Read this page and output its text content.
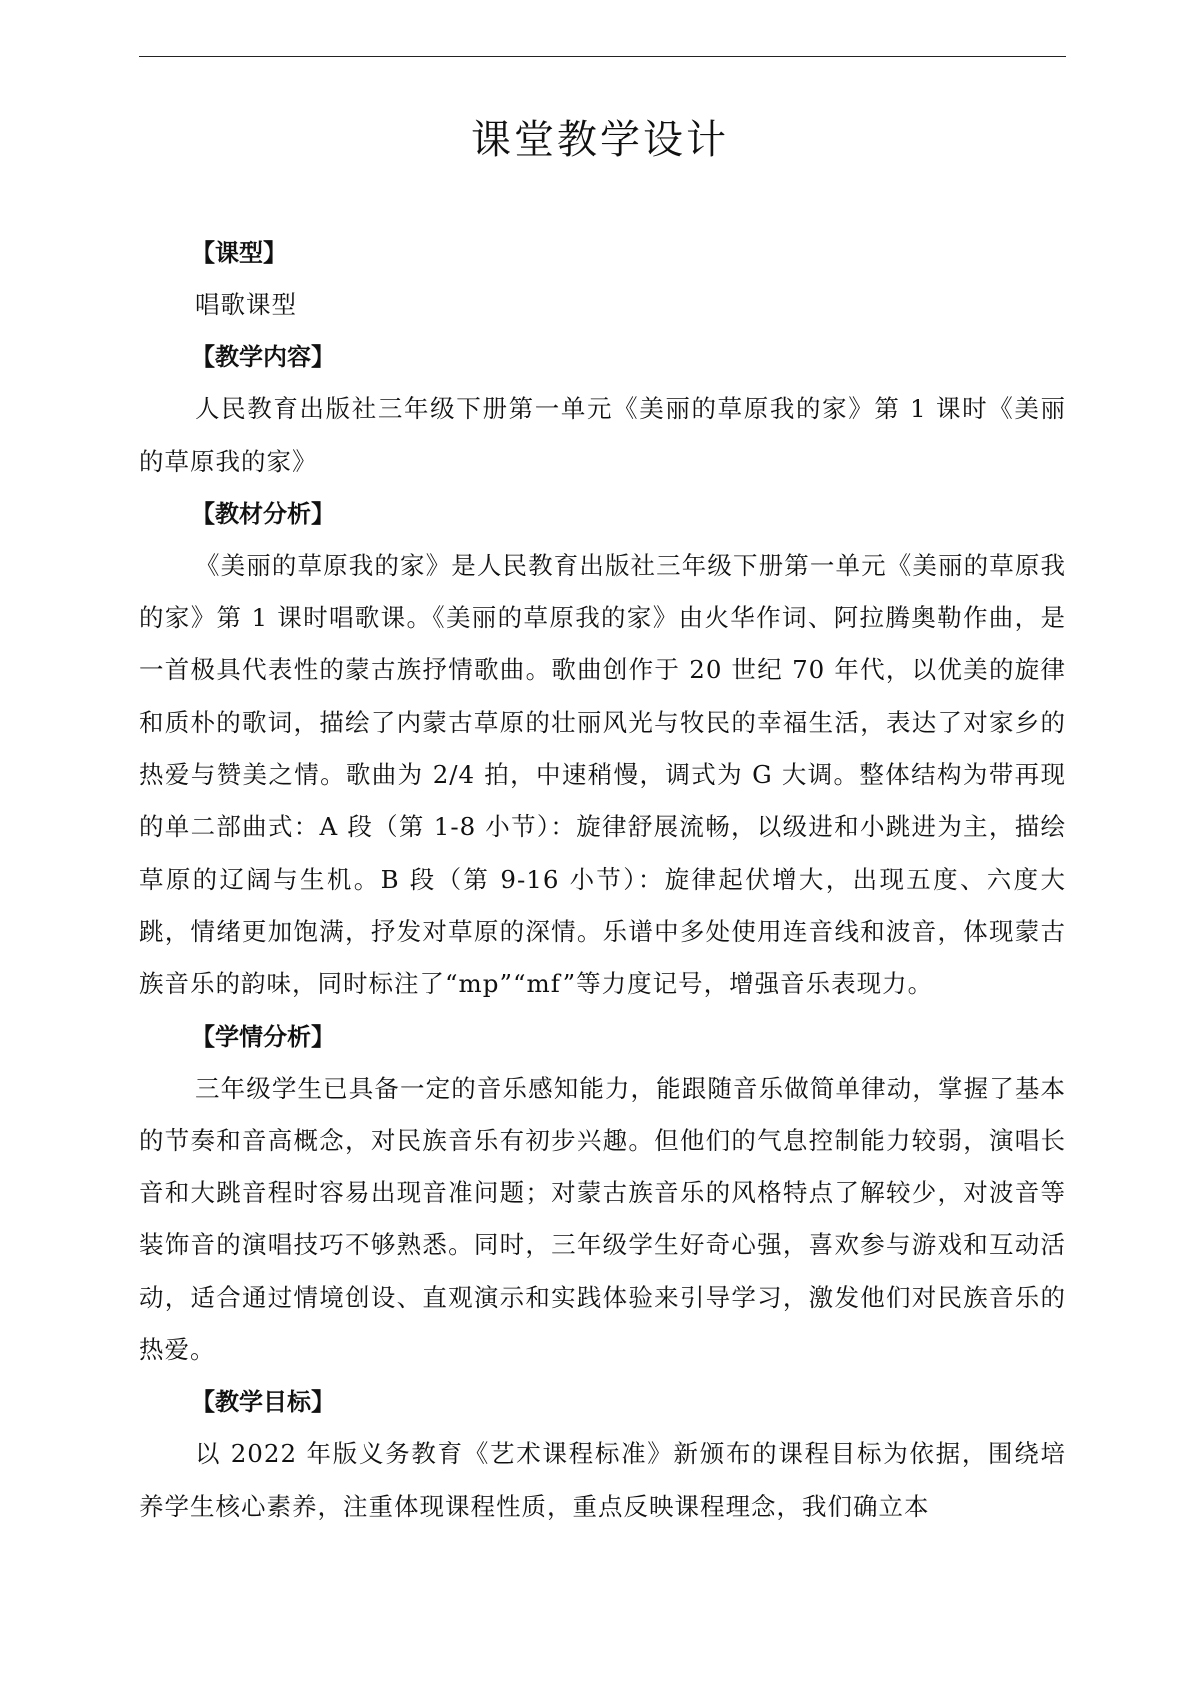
课堂教学设计
【课型】

唱歌课型

【教学内容】

人民教育出版社三年级下册第一单元《美丽的草原我的家》第 1 课时《美丽的草原我的家》

【教材分析】

《美丽的草原我的家》是人民教育出版社三年级下册第一单元《美丽的草原我的家》第 1 课时唱歌课。《美丽的草原我的家》由火华作词、阿拉腾奥勒作曲，是一首极具代表性的蒙古族抒情歌曲。歌曲创作于 20 世纪 70 年代，以优美的旋律和质朴的歌词，描绘了内蒙古草原的壮丽风光与牧民的幸福生活，表达了对家乡的热爱与赞美之情。歌曲为 2/4 拍，中速稍慢，调式为 G 大调。整体结构为带再现的单二部曲式：A 段（第 1-8 小节）：旋律舒展流畅，以级进和小跳进为主，描绘草原的辽阔与生机。B 段（第 9-16 小节）：旋律起伏增大，出现五度、六度大跳，情绪更加饱满，抒发对草原的深情。乐谱中多处使用连音线和波音，体现蒙古族音乐的韵味，同时标注了“mp”“mf”等力度记号，增强音乐表现力。

【学情分析】

三年级学生已具备一定的音乐感知能力，能跟随音乐做简单律动，掌握了基本的节奏和音高概念，对民族音乐有初步兴趣。但他们的气息控制能力较弱，演唱长音和大跳音程时容易出现音准问题；对蒙古族音乐的风格特点了解较少，对波音等装饰音的演唱技巧不够熟悉。同时，三年级学生好奇心强，喜欢参与游戏和互动活动，适合通过情境创设、直观演示和实践体验来引导学习，激发他们对民族音乐的热爱。

【教学目标】

以 2022 年版义务教育《艺术课程标准》新颁布的课程目标为依据，围绕培养学生核心素养，注重体现课程性质，重点反映课程理念，我们确立本
